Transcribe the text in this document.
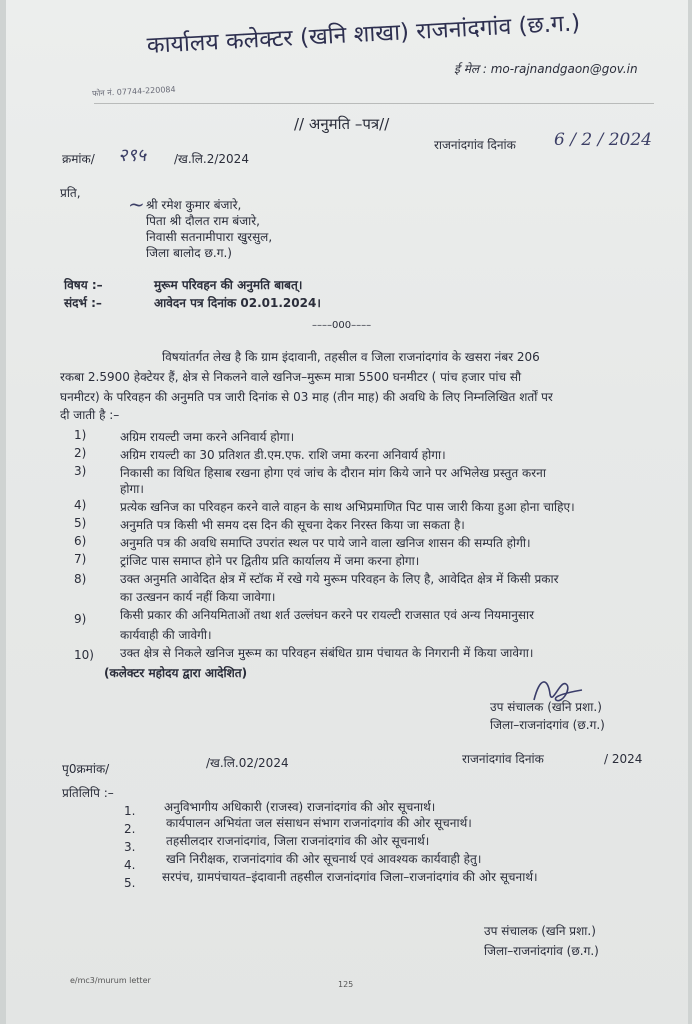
कार्यालय कलेक्टर (खनि शाखा) राजनांदगांव (छ.ग.)
ई मेल : mo-rajnandgaon@gov.in
फोन नं. 07744-220084
// अनुमति –पत्र//
क्रमांक/ २९५ /ख.लि.2/2024
राजनांदगांव दिनांक 6 / 2 / 2024
प्रति, ~ श्री रमेश कुमार बंजारे,
पिता श्री दौलत राम बंजारे,
निवासी सतनामीपारा खुरसुल,
जिला बालोद छ.ग.)
विषय :–	मुरूम परिवहन की अनुमति बाबत्।
संदर्भ :–	आवेदन पत्र दिनांक 02.01.2024।
––––000––––
विषयांतर्गत लेख है कि ग्राम इंदावानी, तहसील व जिला राजनांदगांव के खसरा नंबर 206
रकबा 2.5900 हेक्टेयर हैं, क्षेत्र से निकलने वाले खनिज–मुरूम मात्रा 5500 घनमीटर ( पांच हजार पांच सौ
घनमीटर) के परिवहन की अनुमति पत्र जारी दिनांक से 03 माह (तीन माह) की अवधि के लिए निम्नलिखित शर्तों पर
दी जाती है :–
1)	अग्रिम रायल्टी जमा करने अनिवार्य होगा।
2)	अग्रिम रायल्टी का 30 प्रतिशत डी.एम.एफ. राशि जमा करना अनिवार्य होगा।
3)	निकासी का विधित हिसाब रखना होगा एवं जांच के दौरान मांग किये जाने पर अभिलेख प्रस्तुत करना
होगा।
4)	प्रत्येक खनिज का परिवहन करने वाले वाहन के साथ अभिप्रमाणित पिट पास जारी किया हुआ होना चाहिए।
5)	अनुमति पत्र किसी भी समय दस दिन की सूचना देकर निरस्त किया जा सकता है।
6)	अनुमति पत्र की अवधि समाप्ति उपरांत स्थल पर पाये जाने वाला खनिज शासन की सम्पति होगी।
7)	ट्रांजिट पास समाप्त होने पर द्वितीय प्रति कार्यालय में जमा करना होगा।
8)	उक्त अनुमति आवेदित क्षेत्र में स्टॉक में रखे गये मुरूम परिवहन के लिए है, आवेदित क्षेत्र में किसी प्रकार
का उत्खनन कार्य नहीं किया जावेगा।
9)	किसी प्रकार की अनियमिताओं तथा शर्त उल्लंघन करने पर रायल्टी राजसात एवं अन्य नियमानुसार
कार्यवाही की जावेगी।
10) उक्त क्षेत्र से निकले खनिज मुरूम का परिवहन संबंधित ग्राम पंचायत के निगरानी में किया जावेगा।
(कलेक्टर महोदय द्वारा आदेशित)
उप संचालक (खनि प्रशा.)
जिला–राजनांदगांव (छ.ग.)
पृ0क्रमांक/	/ख.लि.02/2024	राजनांदगांव दिनांक	/ 2024
प्रतिलिपि :–
1. अनुविभागीय अधिकारी (राजस्व) राजनांदगांव की ओर सूचनार्थ।
2.	कार्यपालन अभियंता जल संसाधन संभाग राजनांदगांव की ओर सूचनार्थ।
3.	तहसीलदार राजनांदगांव, जिला राजनांदगांव की ओर सूचनार्थ।
4.	खनि निरीक्षक, राजनांदगांव की ओर सूचनार्थ एवं आवश्यक कार्यवाही हेतु।
5. सरपंच, ग्रामपंचायत–इंदावानी तहसील राजनांदगांव जिला–राजनांदगांव की ओर सूचनार्थ।
उप संचालक (खनि प्रशा.)
जिला–राजनांदगांव (छ.ग.)
e/mc3/murum letter	125
